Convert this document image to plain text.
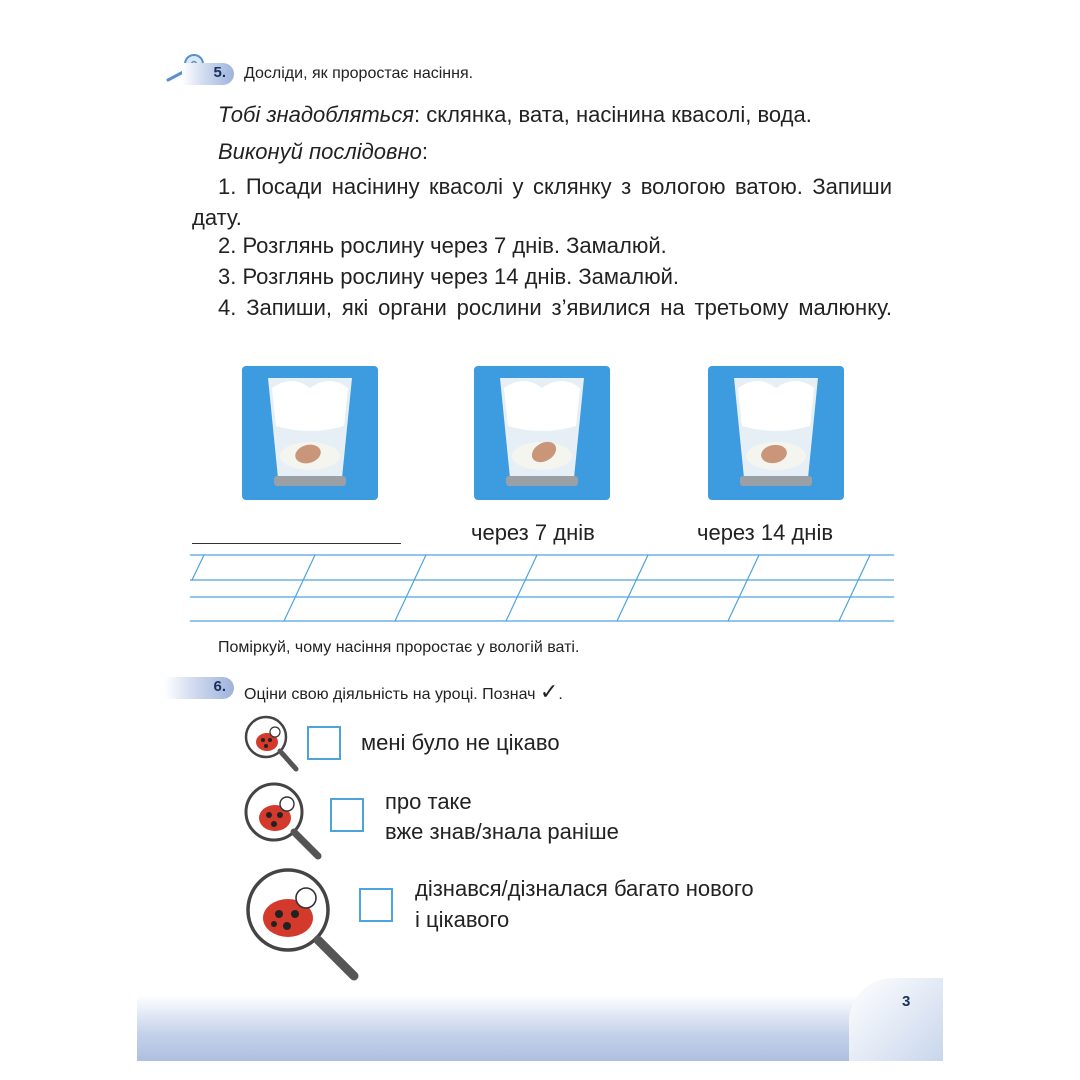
5. Досліди, як проростає насіння.
Тобі знадобляться: склянка, вата, насінина квасолі, вода.
Виконуй послідовно:
1. Посади насінину квасолі у склянку з вологою ватою. Запиши дату.
2. Розглянь рослину через 7 днів. Замалюй.
3. Розглянь рослину через 14 днів. Замалюй.
4. Запиши, які органи рослини з’явилися на третьому малюнку.
через 7 днів	через 14 днів
Поміркуй, чому насіння проростає у вологій ваті.
6. Оціни свою діяльність на уроці. Познач ✓.
мені було не цікаво
про таке
вже знав/знала раніше
дізнався/дізналася багато нового
і цікавого
3
